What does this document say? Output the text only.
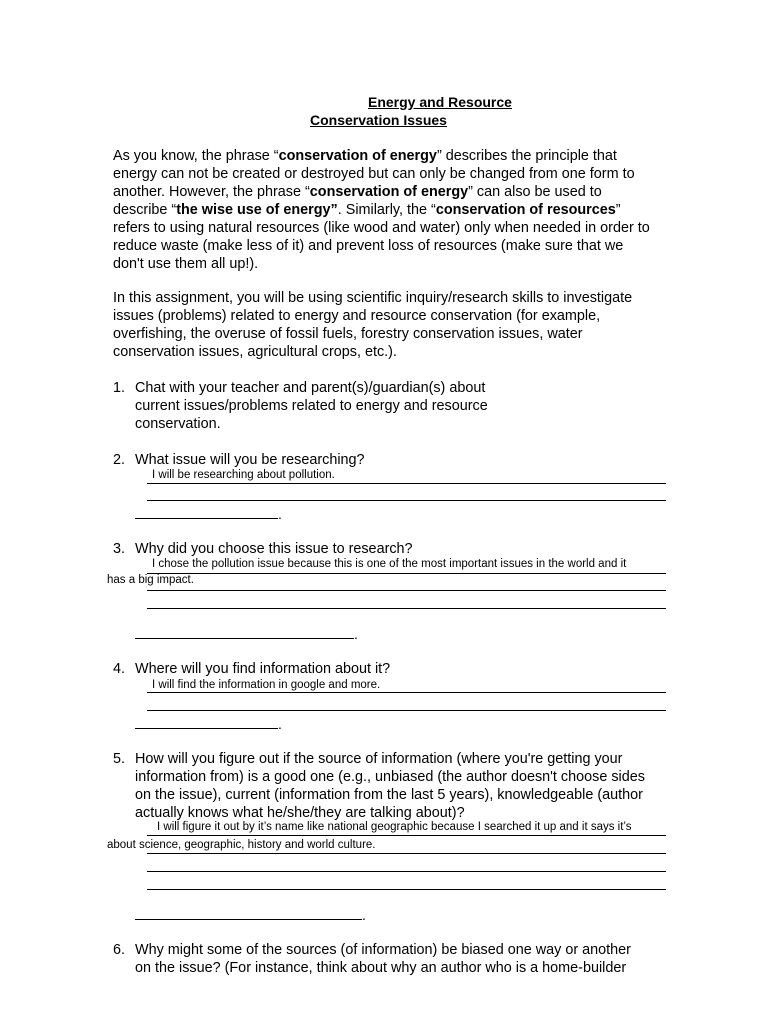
Energy and Resource
Conservation Issues
As you know, the phrase “conservation of energy” describes the principle that energy can not be created or destroyed but can only be changed from one form to another. However, the phrase “conservation of energy” can also be used to describe “the wise use of energy”. Similarly, the “conservation of resources” refers to using natural resources (like wood and water) only when needed in order to reduce waste (make less of it) and prevent loss of resources (make sure that we don't use them all up!).
In this assignment, you will be using scientific inquiry/research skills to investigate issues (problems) related to energy and resource conservation (for example, overfishing, the overuse of fossil fuels, forestry conservation issues, water conservation issues, agricultural crops, etc.).
1. Chat with your teacher and parent(s)/guardian(s) about current issues/problems related to energy and resource conservation.
2. What issue will you be researching?
I will be researching about pollution.
.
3. Why did you choose this issue to research?
I chose the pollution issue because this is one of the most important issues in the world and it
has a big impact.
.
4. Where will you find information about it?
I will find the information in google and more.
.
5. How will you figure out if the source of information (where you're getting your information from) is a good one (e.g., unbiased (the author doesn't choose sides on the issue), current (information from the last 5 years), knowledgeable (author actually knows what he/she/they are talking about)?
I will figure it out by it’s name like national geographic because I searched it up and it says it’s
about science, geographic, history and world culture.
.
6. Why might some of the sources (of information) be biased one way or another on the issue? (For instance, think about why an author who is a home-builder
